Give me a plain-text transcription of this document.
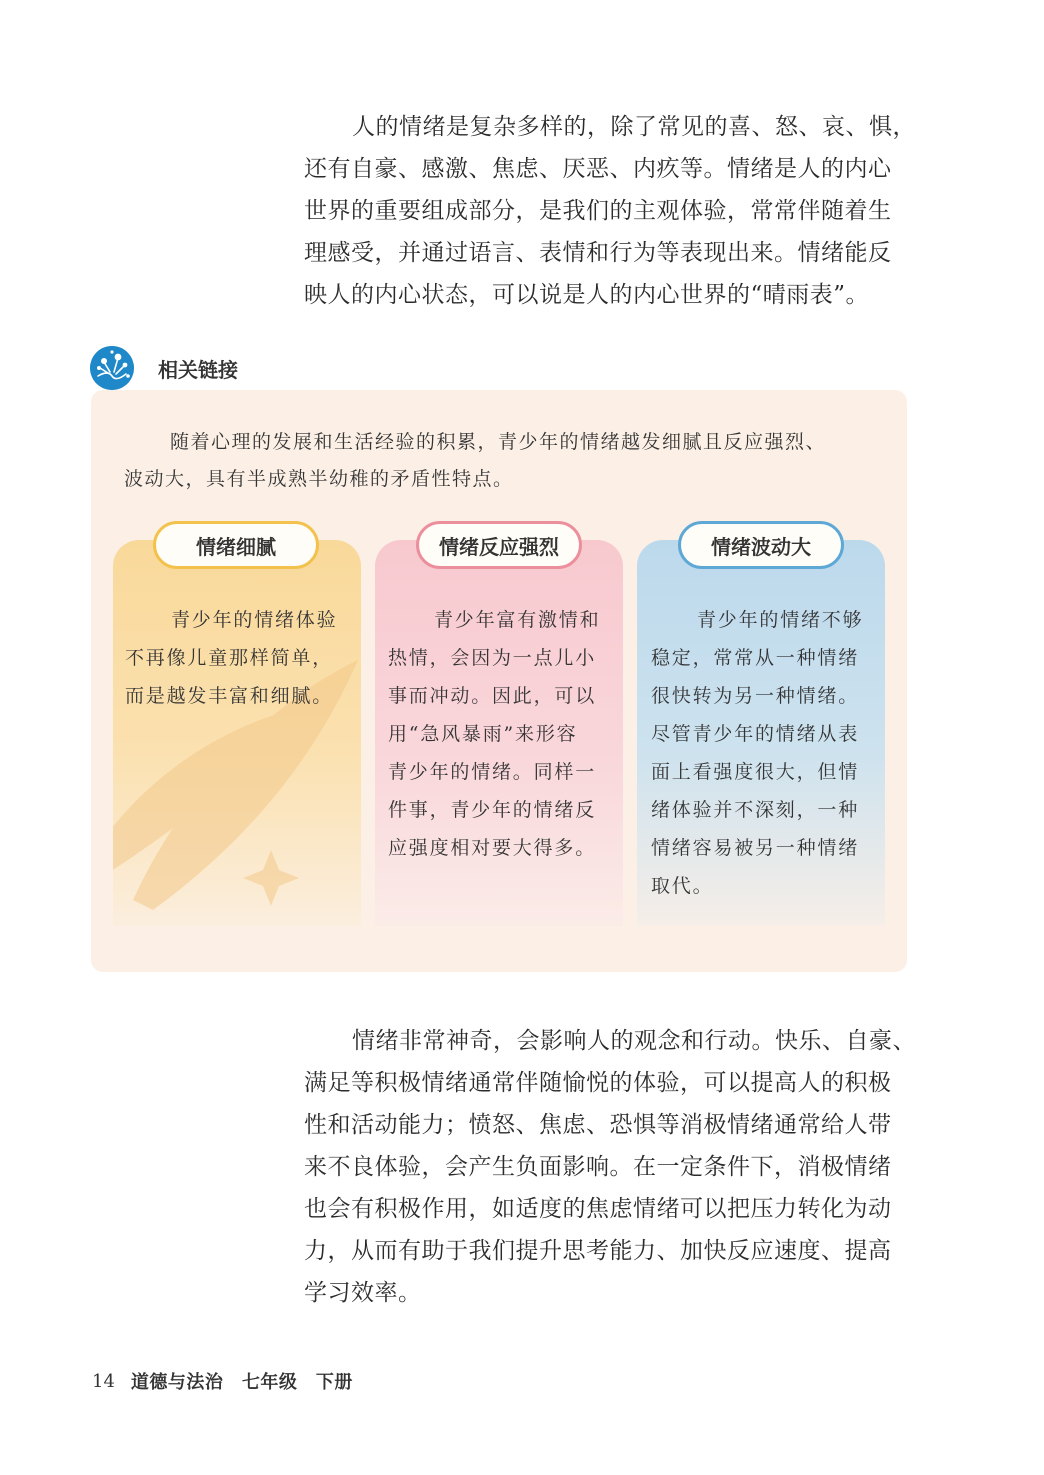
人的情绪是复杂多样的，除了常见的喜、怒、哀、惧，
还有自豪、感激、焦虑、厌恶、内疚等。情绪是人的内心
世界的重要组成部分，是我们的主观体验，常常伴随着生
理感受，并通过语言、表情和行为等表现出来。情绪能反
映人的内心状态，可以说是人的内心世界的“晴雨表”。
相关链接
随着心理的发展和生活经验的积累，青少年的情绪越发细腻且反应强烈、
波动大，具有半成熟半幼稚的矛盾性特点。
情绪细腻	情绪反应强烈	情绪波动大
青少年的情绪体验
不再像儿童那样简单，
而是越发丰富和细腻。
青少年富有激情和
热情，会因为一点儿小
事而冲动。因此，可以
用“急风暴雨”来形容
青少年的情绪。同样一
件事，青少年的情绪反
应强度相对要大得多。
青少年的情绪不够
稳定，常常从一种情绪
很快转为另一种情绪。
尽管青少年的情绪从表
面上看强度很大，但情
绪体验并不深刻，一种
情绪容易被另一种情绪
取代。
情绪非常神奇，会影响人的观念和行动。快乐、自豪、
满足等积极情绪通常伴随愉悦的体验，可以提高人的积极
性和活动能力；愤怒、焦虑、恐惧等消极情绪通常给人带
来不良体验，会产生负面影响。在一定条件下，消极情绪
也会有积极作用，如适度的焦虑情绪可以把压力转化为动
力，从而有助于我们提升思考能力、加快反应速度、提高
学习效率。
14 道德与法治　七年级　下册
